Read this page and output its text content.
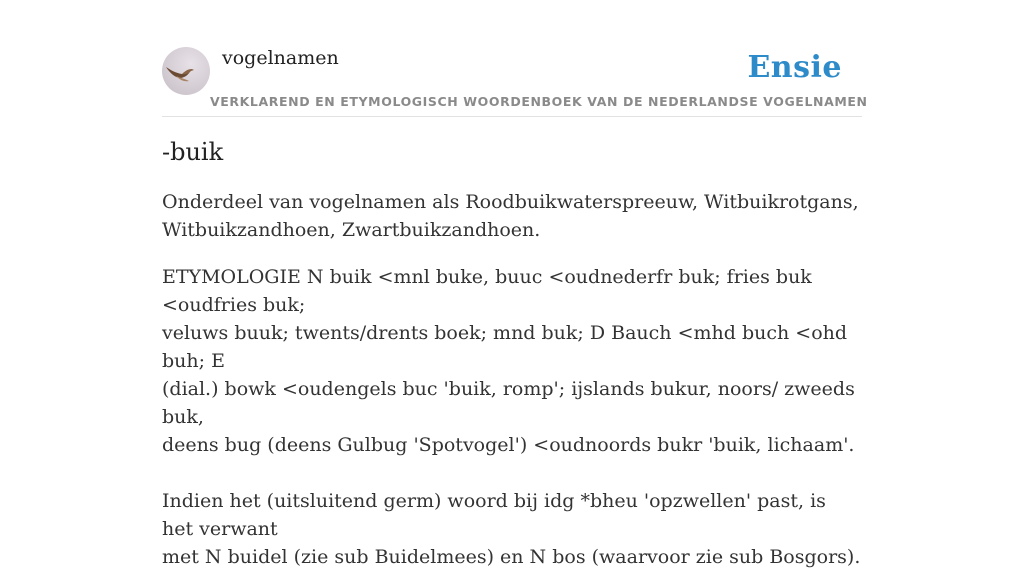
vogelnamen	Ensie
VERKLAREND EN ETYMOLOGISCH WOORDENBOEK VAN DE NEDERLANDSE VOGELNAMEN
-buik

Onderdeel van vogelnamen als Roodbuikwaterspreeuw, Witbuikrotgans, Witbuikzandhoen, Zwartbuikzandhoen.

ETYMOLOGIE N buik <mnl buke, buuc <oudnederfr buk; fries buk <oudfries buk;
veluws buuk; twents/drents boek; mnd buk; D Bauch <mhd buch <ohd buh; E
(dial.) bowk <oudengels buc 'buik, romp'; ijslands bukur, noors/ zweeds buk,
deens bug (deens Gulbug 'Spotvogel') <oudnoords bukr 'buik, lichaam'.
Indien het (uitsluitend germ) woord bij idg *bheu 'opzwellen' past, is het verwant
met N buidel (zie sub Buidelmees) en N bos (waarvoor zie sub Bosgors).
